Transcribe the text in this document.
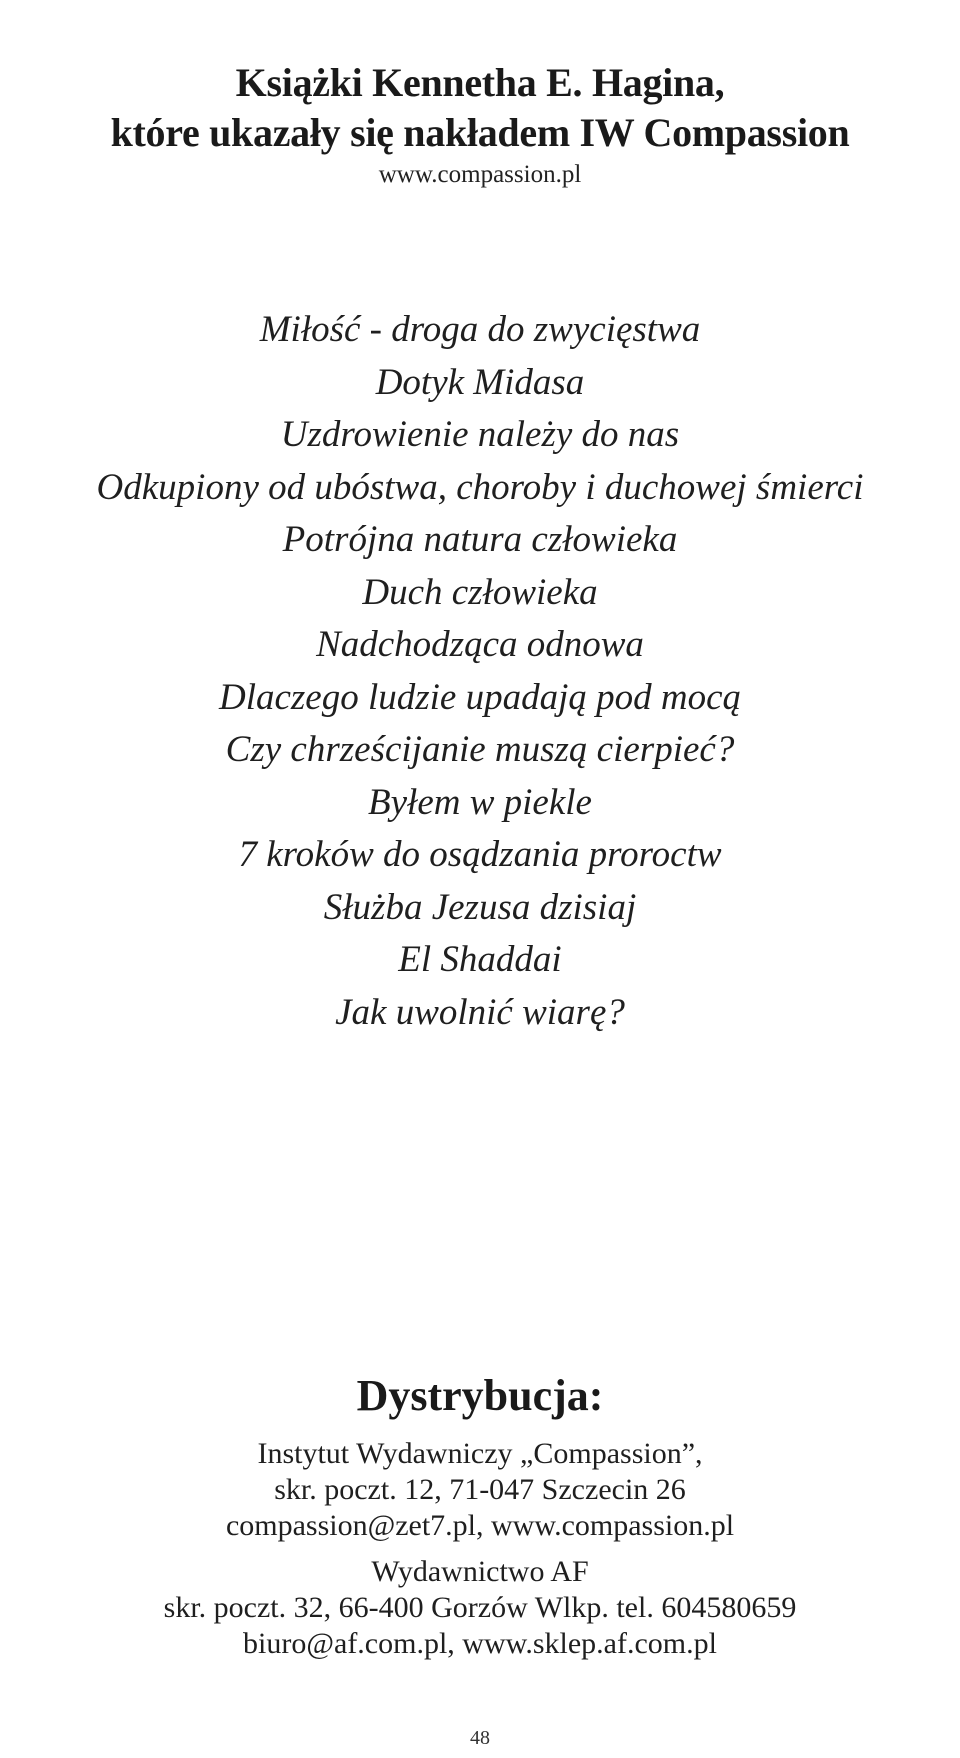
Książki Kennetha E. Hagina,
które ukazały się nakładem IW Compassion
www.compassion.pl
Miłość - droga do zwycięstwa
Dotyk Midasa
Uzdrowienie należy do nas
Odkupiony od ubóstwa, choroby i duchowej śmierci
Potrójna natura człowieka
Duch człowieka
Nadchodząca odnowa
Dlaczego ludzie upadają pod mocą
Czy chrześcijanie muszą cierpieć?
Byłem w piekle
7 kroków do osądzania proroctw
Służba Jezusa dzisiaj
El Shaddai
Jak uwolnić wiarę?
Dystrybucja:
Instytut Wydawniczy „Compassion”,
skr. poczt. 12, 71-047 Szczecin 26
compassion@zet7.pl, www.compassion.pl
Wydawnictwo AF
skr. poczt. 32, 66-400 Gorzów Wlkp. tel. 604580659
biuro@af.com.pl, www.sklep.af.com.pl
48
